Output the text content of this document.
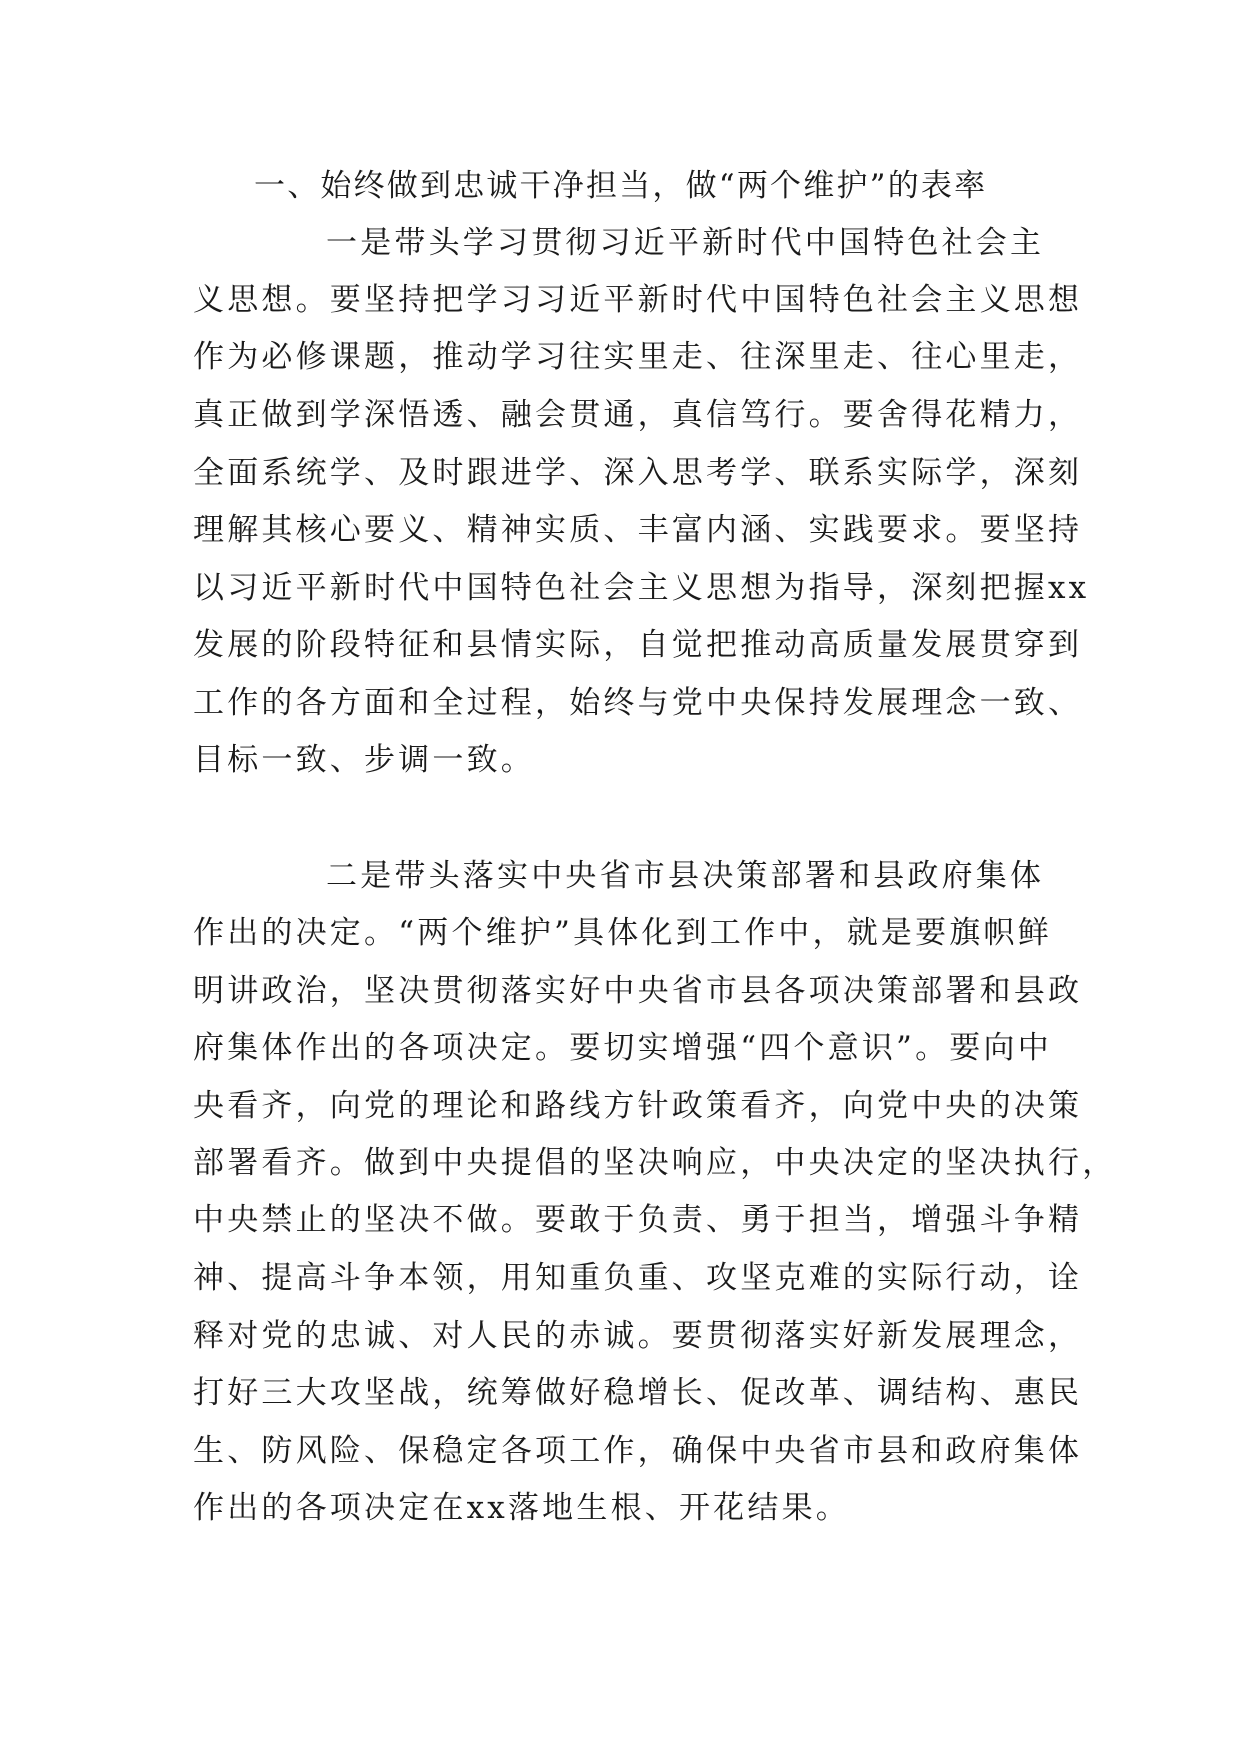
一、始终做到忠诚干净担当，做“两个维护”的表率

一是带头学习贯彻习近平新时代中国特色社会主

义思想。要坚持把学习习近平新时代中国特色社会主义思想

作为必修课题，推动学习往实里走、往深里走、往心里走，

真正做到学深悟透、融会贯通，真信笃行。要舍得花精力，

全面系统学、及时跟进学、深入思考学、联系实际学，深刻

理解其核心要义、精神实质、丰富内涵、实践要求。要坚持

以习近平新时代中国特色社会主义思想为指导，深刻把握xx

发展的阶段特征和县情实际，自觉把推动高质量发展贯穿到

工作的各方面和全过程，始终与党中央保持发展理念一致、

目标一致、步调一致。

二是带头落实中央省市县决策部署和县政府集体

作出的决定。“两个维护”具体化到工作中，就是要旗帜鲜

明讲政治，坚决贯彻落实好中央省市县各项决策部署和县政

府集体作出的各项决定。要切实增强“四个意识”。要向中

央看齐，向党的理论和路线方针政策看齐，向党中央的决策

部署看齐。做到中央提倡的坚决响应，中央决定的坚决执行，

中央禁止的坚决不做。要敢于负责、勇于担当，增强斗争精

神、提高斗争本领，用知重负重、攻坚克难的实际行动，诠

释对党的忠诚、对人民的赤诚。要贯彻落实好新发展理念，

打好三大攻坚战，统筹做好稳增长、促改革、调结构、惠民

生、防风险、保稳定各项工作，确保中央省市县和政府集体

作出的各项决定在xx落地生根、开花结果。
